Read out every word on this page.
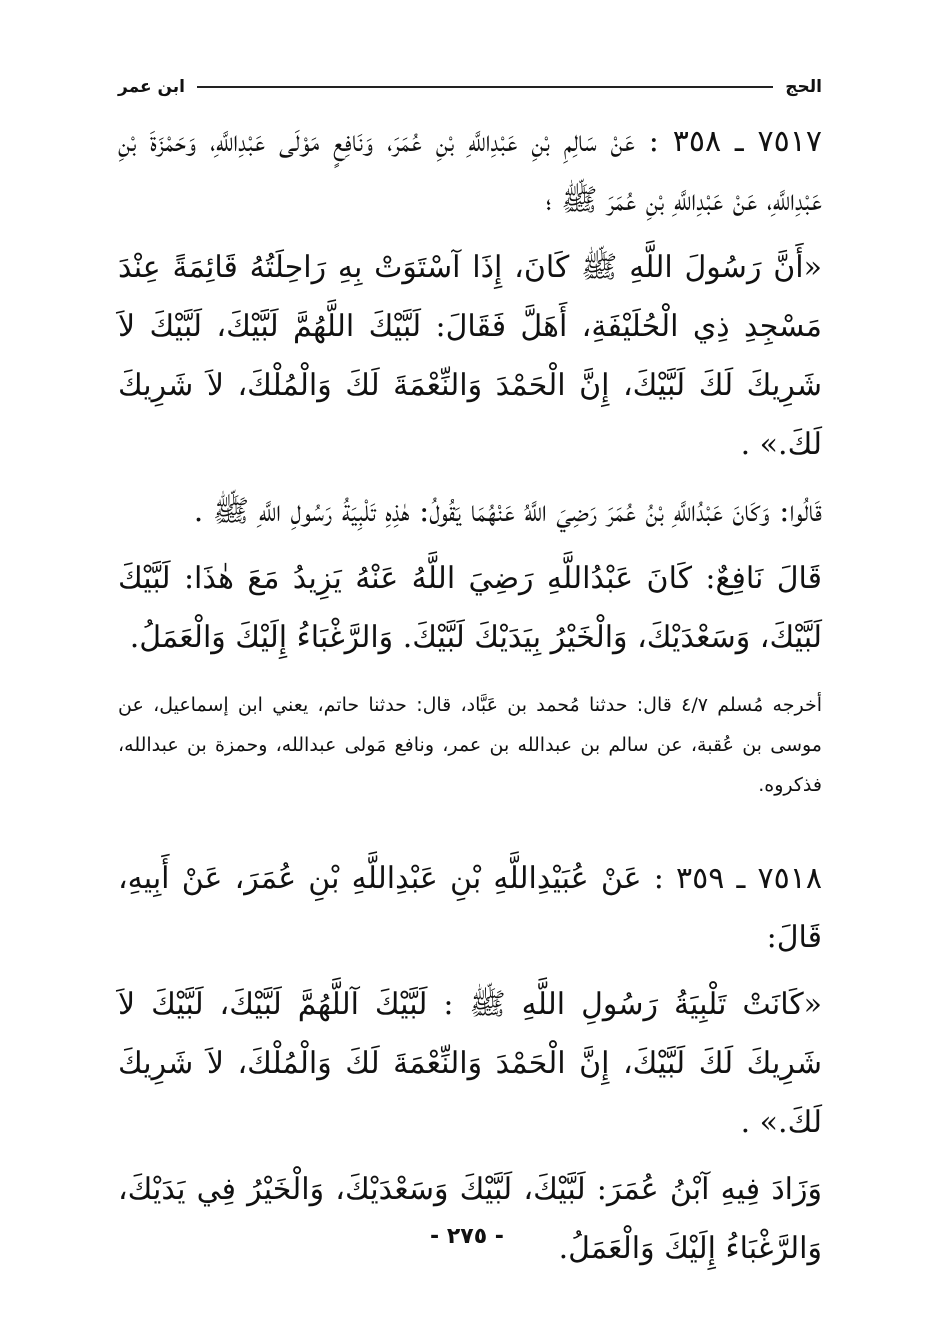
الحج
ابن عمر

٧٥١٧ ـ ٣٥٨ : عَنْ سَالِمِ بْنِ عَبْدِاللَّهِ بْنِ عُمَرَ، وَنَافِعٍ مَوْلَى عَبْدِاللَّهِ، وَحَمْزَةَ بْنِ عَبْدِاللَّهِ، عَنْ عَبْدِاللَّهِ بْنِ عُمَرَ ﷺ ؛

«أَنَّ رَسُولَ اللَّهِ ﷺ كَانَ، إِذَا آسْتَوَتْ بِهِ رَاحِلَتُهُ قَائِمَةً عِنْدَ مَسْجِدِ ذِي الْحُلَيْفَةِ، أَهَلَّ فَقَالَ: لَبَّيْكَ اللَّهُمَّ لَبَّيْكَ، لَبَّيْكَ لاَ شَرِيكَ لَكَ لَبَّيْكَ، إِنَّ الْحَمْدَ وَالنِّعْمَةَ لَكَ وَالْمُلْكَ، لاَ شَرِيكَ لَكَ.» .

قَالُوا: وَكَانَ عَبْدُاللَّهِ بْنُ عُمَرَ رَضِيَ اللَّهُ عَنْهُمَا يَقُولُ: هٰذِهِ تَلْبِيَةُ رَسُولِ اللَّهِ ﷺ .

قَالَ نَافِعٌ: كَانَ عَبْدُاللَّهِ رَضِيَ اللَّهُ عَنْهُ يَزِيدُ مَعَ هٰذَا: لَبَّيْكَ لَبَّيْكَ، وَسَعْدَيْكَ، وَالْخَيْرُ بِيَدَيْكَ لَبَّيْكَ. وَالرَّغْبَاءُ إِلَيْكَ وَالْعَمَلُ.

أخرجه مُسلم ٤/٧ قال: حدثنا مُحمد بن عَبَّاد، قال: حدثنا حاتم، يعني ابن إسماعيل، عن موسى بن عُقبة، عن سالم بن عبدالله بن عمر، ونافع مَولى عبدالله، وحمزة بن عبدالله، فذكروه.

٧٥١٨ ـ ٣٥٩ : عَنْ عُبَيْدِاللَّهِ بْنِ عَبْدِاللَّهِ بْنِ عُمَرَ، عَنْ أَبِيهِ، قَالَ:

«كَانَتْ تَلْبِيَةُ رَسُولِ اللَّهِ ﷺ : لَبَّيْكَ آللَّهُمَّ لَبَّيْكَ، لَبَّيْكَ لاَ شَرِيكَ لَكَ لَبَّيْكَ، إِنَّ الْحَمْدَ وَالنِّعْمَةَ لَكَ وَالْمُلْكَ، لاَ شَرِيكَ لَكَ.» .

وَزَادَ فِيهِ آبْنُ عُمَرَ: لَبَّيْكَ، لَبَّيْكَ وَسَعْدَيْكَ، وَالْخَيْرُ فِي يَدَيْكَ، وَالرَّغْبَاءُ إِلَيْكَ وَالْعَمَلُ.

- ٢٧٥ -
